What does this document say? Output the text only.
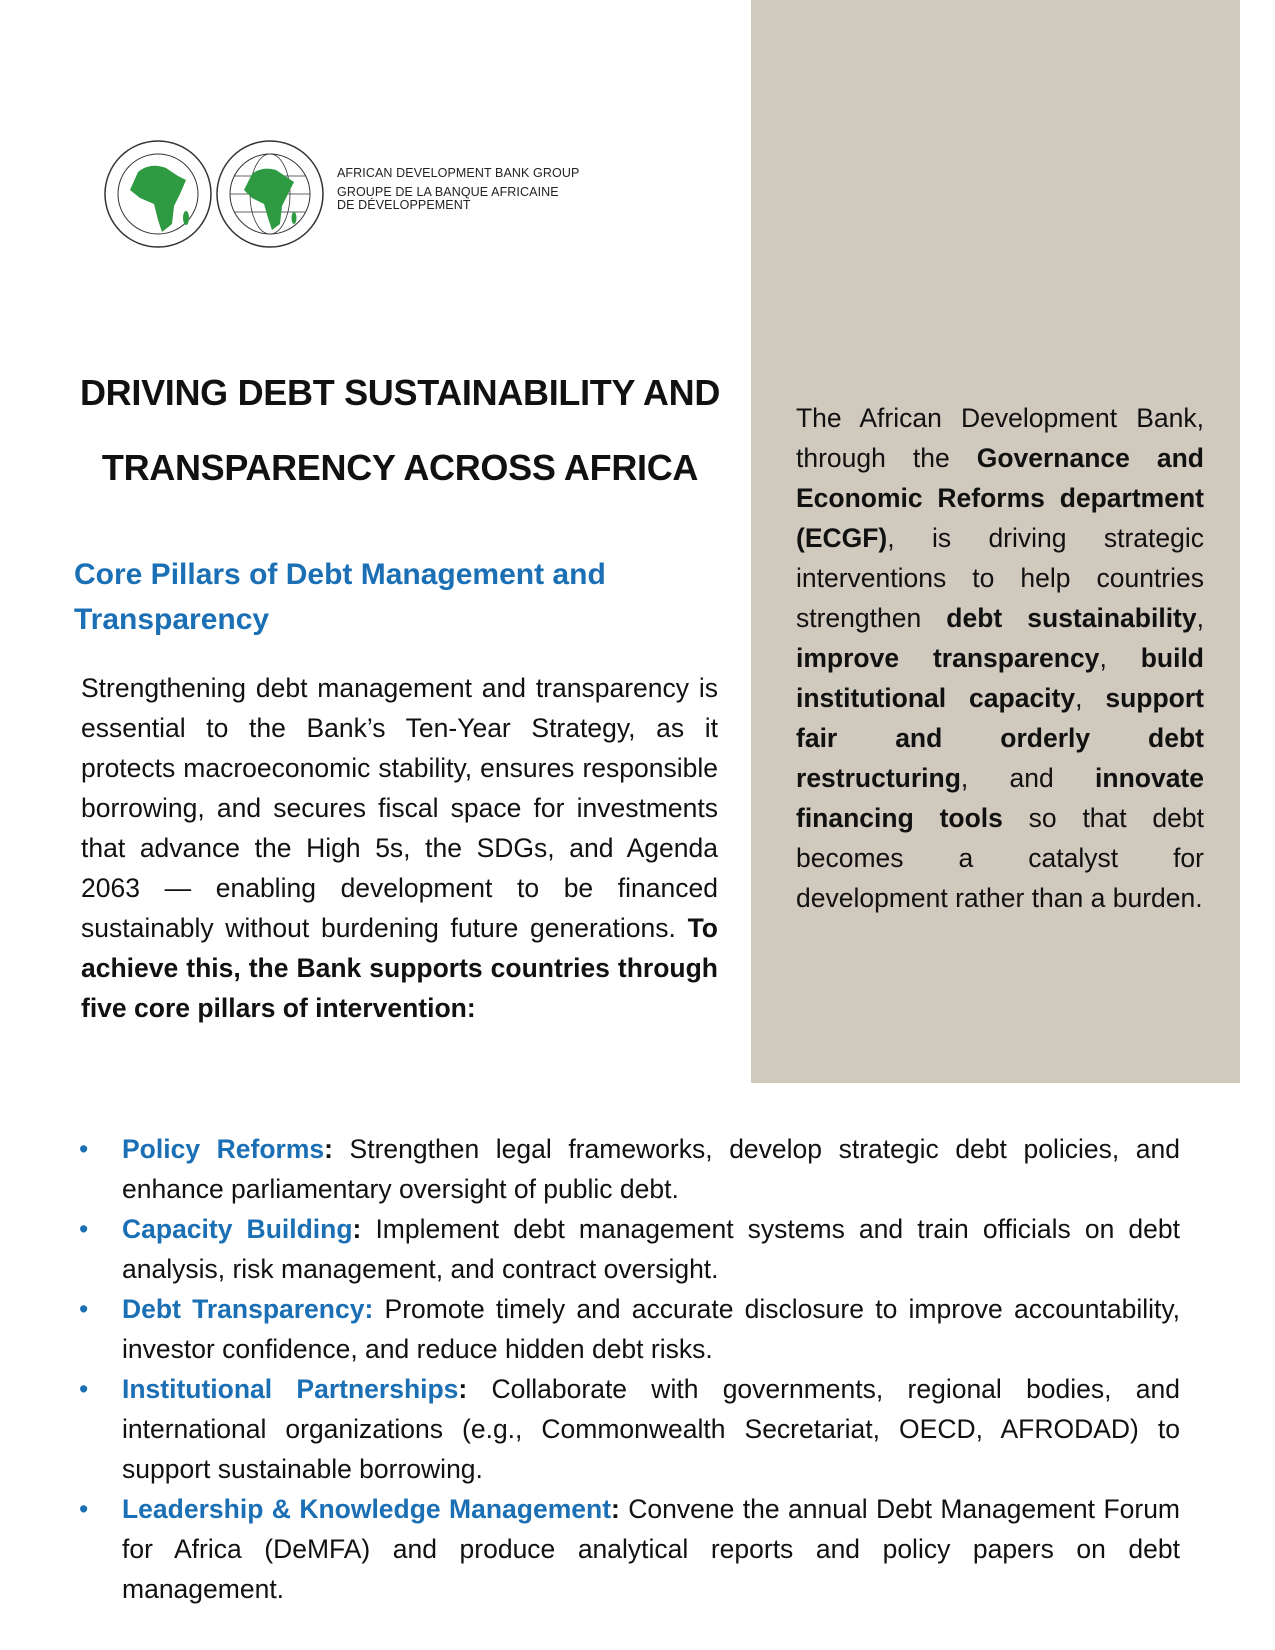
AFRICAN DEVELOPMENT BANK GROUP
GROUPE DE LA BANQUE AFRICAINE
DE DÉVELOPPEMENT
DRIVING DEBT SUSTAINABILITY AND
TRANSPARENCY ACROSS AFRICA
Core Pillars of Debt Management and Transparency
Strengthening debt management and transparency is essential to the Bank’s Ten-Year Strategy, as it protects macroeconomic stability, ensures responsible borrowing, and secures fiscal space for investments that advance the High 5s, the SDGs, and Agenda 2063 — enabling development to be financed sustainably without burdening future generations. To achieve this, the Bank supports countries through five core pillars of intervention:
The African Development Bank, through the Governance and Economic Reforms department (ECGF), is driving strategic interventions to help countries strengthen debt sustainability, improve transparency, build institutional capacity, support fair and orderly debt restructuring, and innovate financing tools so that debt becomes a catalyst for development rather than a burden.
• Policy Reforms: Strengthen legal frameworks, develop strategic debt policies, and enhance parliamentary oversight of public debt.
• Capacity Building: Implement debt management systems and train officials on debt analysis, risk management, and contract oversight.
• Debt Transparency: Promote timely and accurate disclosure to improve accountability, investor confidence, and reduce hidden debt risks.
• Institutional Partnerships: Collaborate with governments, regional bodies, and international organizations (e.g., Commonwealth Secretariat, OECD, AFRODAD) to support sustainable borrowing.
• Leadership & Knowledge Management: Convene the annual Debt Management Forum for Africa (DeMFA) and produce analytical reports and policy papers on debt management.
